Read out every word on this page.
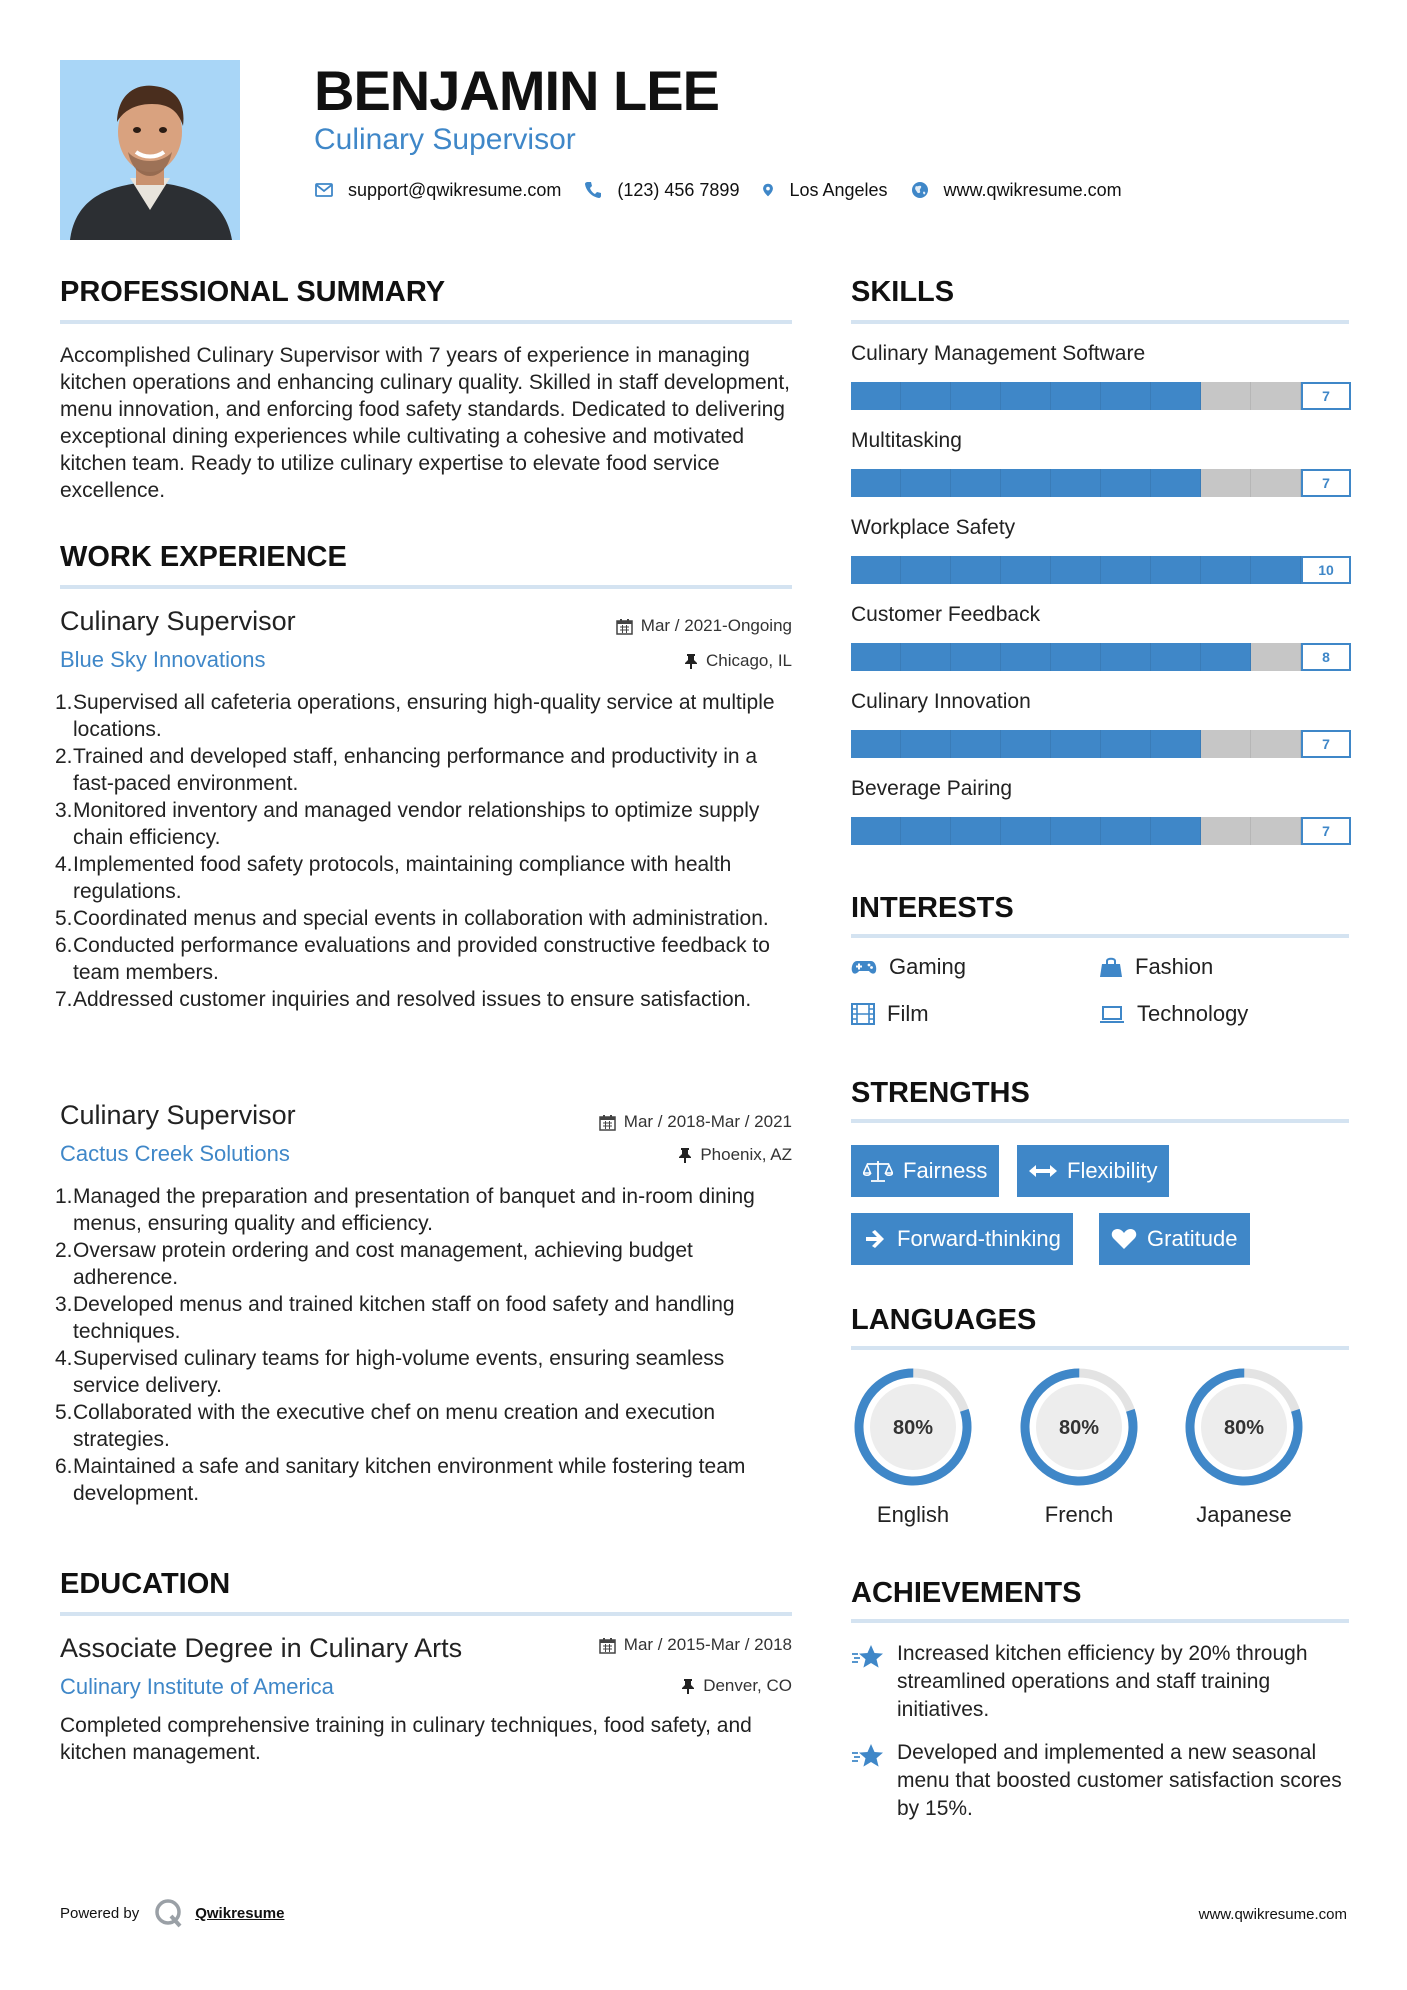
BENJAMIN LEE
Culinary Supervisor
support@qwikresume.com	(123) 456 7899	Los Angeles	www.qwikresume.com
PROFESSIONAL SUMMARY
Accomplished Culinary Supervisor with 7 years of experience in managing kitchen operations and enhancing culinary quality. Skilled in staff development, menu innovation, and enforcing food safety standards. Dedicated to delivering exceptional dining experiences while cultivating a cohesive and motivated kitchen team. Ready to utilize culinary expertise to elevate food service excellence.
WORK EXPERIENCE
Culinary Supervisor	Mar / 2021-Ongoing
Blue Sky Innovations	Chicago, IL
1. Supervised all cafeteria operations, ensuring high-quality service at multiple locations.
2. Trained and developed staff, enhancing performance and productivity in a fast-paced environment.
3. Monitored inventory and managed vendor relationships to optimize supply chain efficiency.
4. Implemented food safety protocols, maintaining compliance with health regulations.
5. Coordinated menus and special events in collaboration with administration.
6. Conducted performance evaluations and provided constructive feedback to team members.
7. Addressed customer inquiries and resolved issues to ensure satisfaction.
Culinary Supervisor	Mar / 2018-Mar / 2021
Cactus Creek Solutions	Phoenix, AZ
1. Managed the preparation and presentation of banquet and in-room dining menus, ensuring quality and efficiency.
2. Oversaw protein ordering and cost management, achieving budget adherence.
3. Developed menus and trained kitchen staff on food safety and handling techniques.
4. Supervised culinary teams for high-volume events, ensuring seamless service delivery.
5. Collaborated with the executive chef on menu creation and execution strategies.
6. Maintained a safe and sanitary kitchen environment while fostering team development.
EDUCATION
Associate Degree in Culinary Arts	Mar / 2015-Mar / 2018
Culinary Institute of America	Denver, CO
Completed comprehensive training in culinary techniques, food safety, and kitchen management.
SKILLS
Culinary Management Software
7
Multitasking
7
Workplace Safety
10
Customer Feedback
8
Culinary Innovation
7
Beverage Pairing
7
INTERESTS
Gaming	Fashion
Film	Technology
STRENGTHS
Fairness	Flexibility
Forward-thinking	Gratitude
LANGUAGES
80%
English
80%
French
80%
Japanese
ACHIEVEMENTS
Increased kitchen efficiency by 20% through streamlined operations and staff training initiatives.
Developed and implemented a new seasonal menu that boosted customer satisfaction scores by 15%.
Powered by	Qwikresume	www.qwikresume.com
